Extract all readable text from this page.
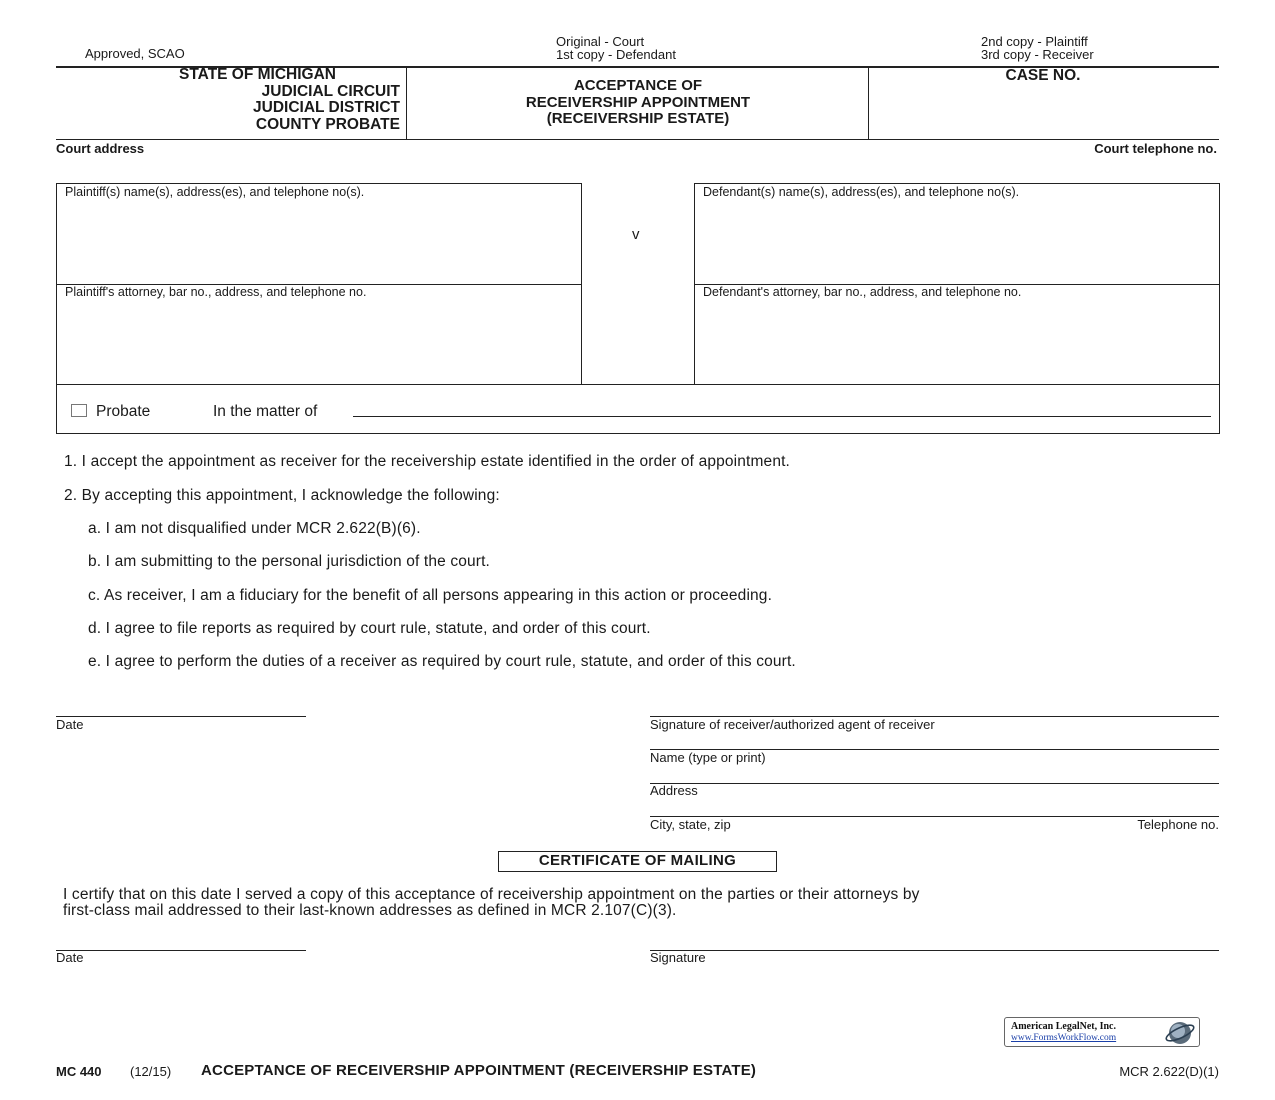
Approved, SCAO
Original - Court
1st copy - Defendant
2nd copy - Plaintiff
3rd copy - Receiver
STATE OF MICHIGAN
JUDICIAL CIRCUIT
JUDICIAL DISTRICT
COUNTY PROBATE
ACCEPTANCE OF
RECEIVERSHIP APPOINTMENT
(RECEIVERSHIP ESTATE)
CASE NO.
Court address	Court telephone no.
Plaintiff(s) name(s), address(es), and telephone no(s).
v
Defendant(s) name(s), address(es), and telephone no(s).
Plaintiff's attorney, bar no., address, and telephone no.	Defendant's attorney, bar no., address, and telephone no.
Probate	In the matter of
1. I accept the appointment as receiver for the receivership estate identified in the order of appointment.
2. By accepting this appointment, I acknowledge the following:
a. I am not disqualified under MCR 2.622(B)(6).
b. I am submitting to the personal jurisdiction of the court.
c. As receiver, I am a fiduciary for the benefit of all persons appearing in this action or proceeding.
d. I agree to file reports as required by court rule, statute, and order of this court.
e. I agree to perform the duties of a receiver as required by court rule, statute, and order of this court.
Date	Signature of receiver/authorized agent of receiver
Name (type or print)
Address
City, state, zip	Telephone no.
CERTIFICATE OF MAILING
I certify that on this date I served a copy of this acceptance of receivership appointment on the parties or their attorneys by
first-class mail addressed to their last-known addresses as defined in MCR 2.107(C)(3).
Date	Signature
American LegalNet, Inc.
www.FormsWorkFlow.com
MC 440 (12/15) ACCEPTANCE OF RECEIVERSHIP APPOINTMENT (RECEIVERSHIP ESTATE)	MCR 2.622(D)(1)
